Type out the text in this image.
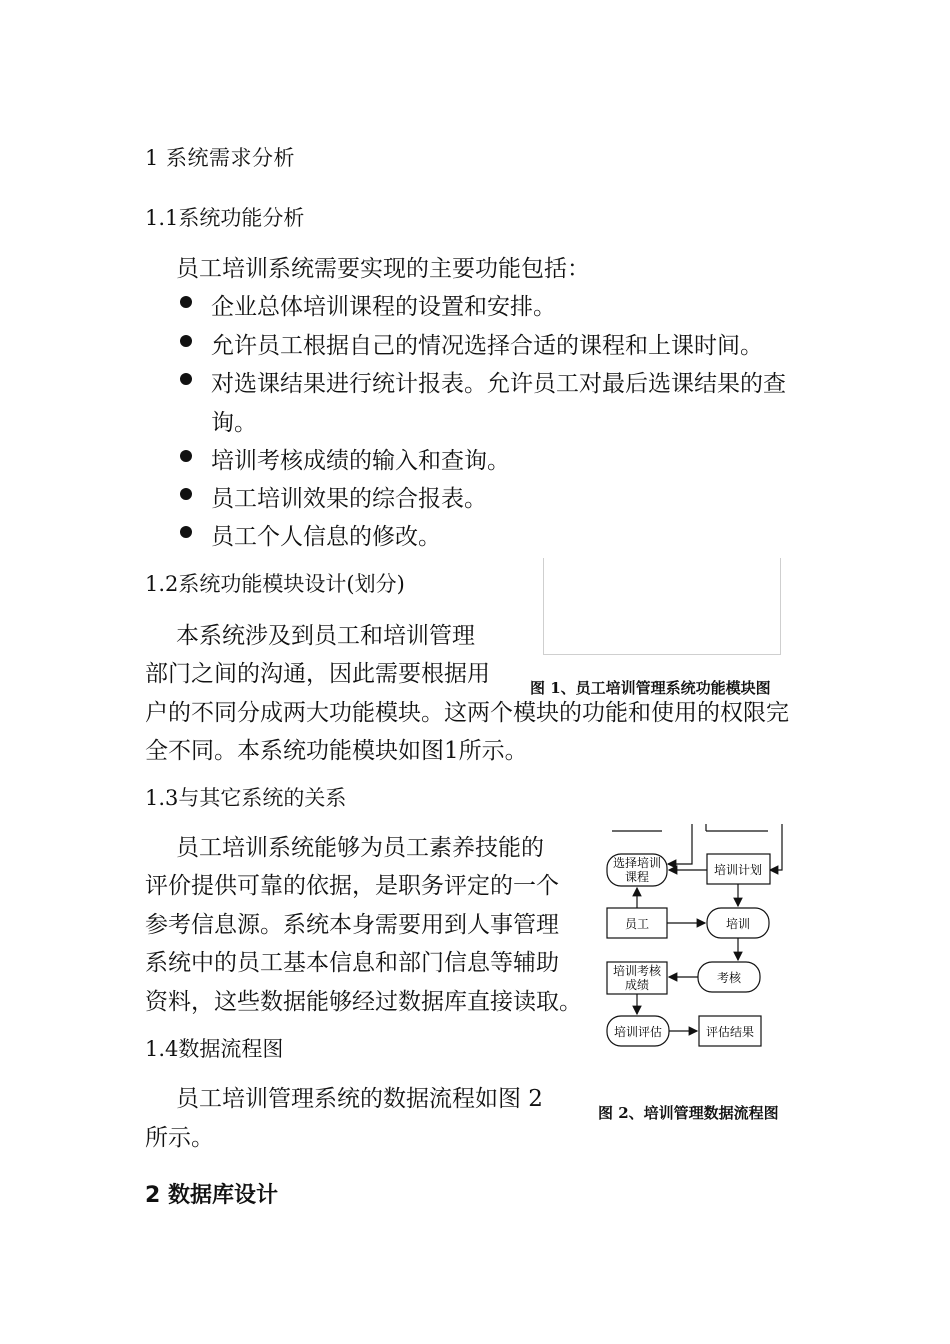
1 系统需求分析
1.1系统功能分析
员工培训系统需要实现的主要功能包括：
企业总体培训课程的设置和安排。
允许员工根据自己的情况选择合适的课程和上课时间。
对选课结果进行统计报表。允许员工对最后选课结果的查
询。
培训考核成绩的输入和查询。
员工培训效果的综合报表。
员工个人信息的修改。
1.2系统功能模块设计(划分)
图 1、员工培训管理系统功能模块图
本系统涉及到员工和培训管理
部门之间的沟通，因此需要根据用
户的不同分成两大功能模块。这两个模块的功能和使用的权限完
全不同。本系统功能模块如图1所示。
1.3与其它系统的关系
员工培训系统能够为员工素养技能的
评价提供可靠的依据，是职务评定的一个
参考信息源。系统本身需要用到人事管理
系统中的员工基本信息和部门信息等辅助
资料，这些数据能够经过数据库直接读取。
1.4数据流程图
员工培训管理系统的数据流程如图 2
所示。
选择培训
课程	培训计划
员工	培训
培训考核
成绩	考核
培训评估	评估结果
图 2、培训管理数据流程图
2 数据库设计
